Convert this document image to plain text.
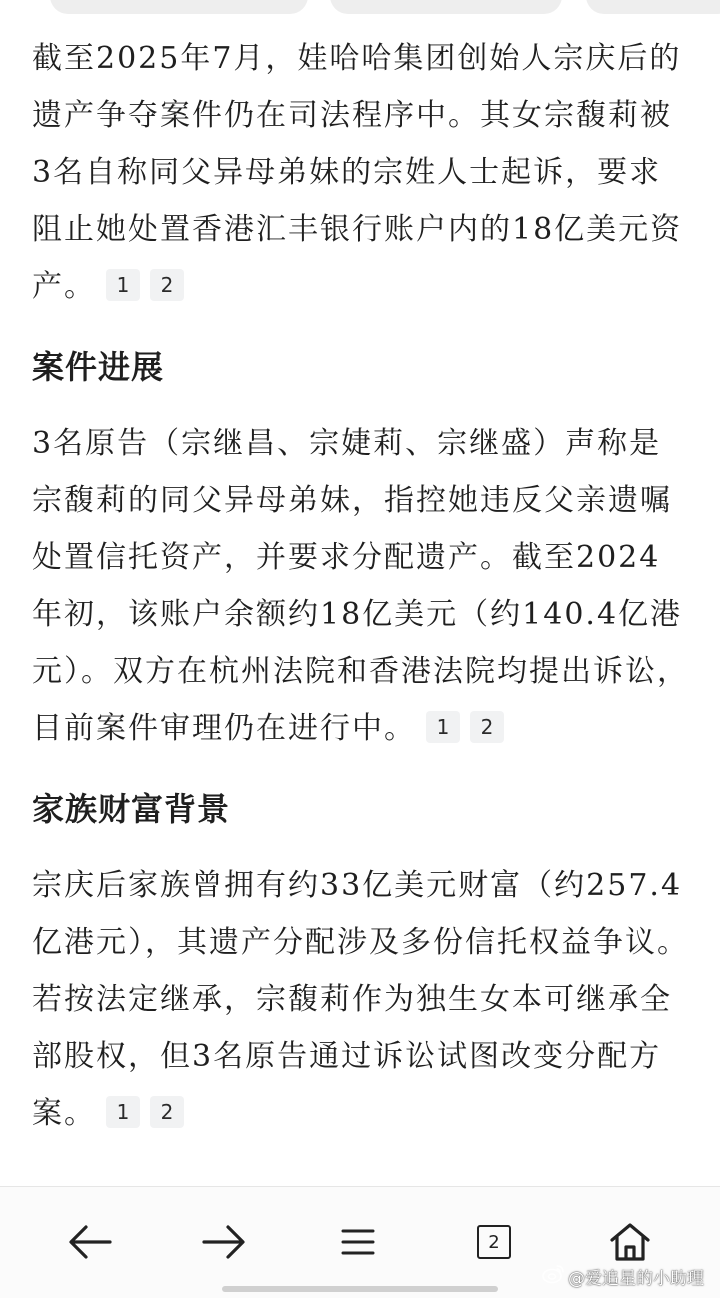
截至2025年7月，娃哈哈集团创始人宗庆后的遗产争夺案件仍在司法程序中。其女宗馥莉被3名自称同父异母弟妹的宗姓人士起诉，要求阻止她处置香港汇丰银行账户内的18亿美元资产。 1 2

案件进展

3名原告（宗继昌、宗婕莉、宗继盛）声称是宗馥莉的同父异母弟妹，指控她违反父亲遗嘱处置信托资产，并要求分配遗产。截至2024年初，该账户余额约18亿美元（约140.4亿港元）。双方在杭州法院和香港法院均提出诉讼，目前案件审理仍在进行中。 1 2

家族财富背景

宗庆后家族曾拥有约33亿美元财富（约257.4亿港元），其遗产分配涉及多份信托权益争议。若按法定继承，宗馥莉作为独生女本可继承全部股权，但3名原告通过诉讼试图改变分配方案。 1 2

2
@爱追星的小助理
